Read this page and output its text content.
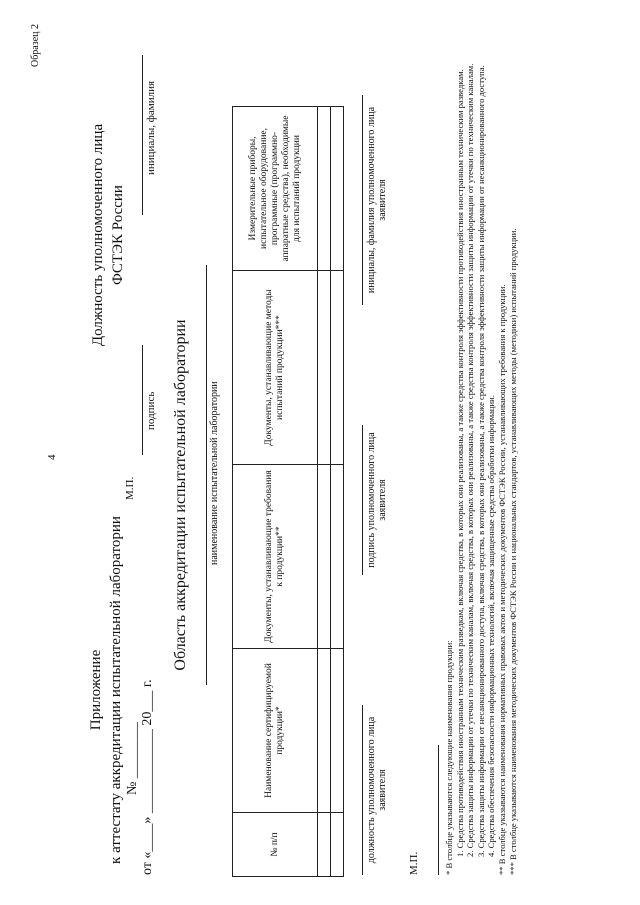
4
Образец 2
Приложение к аттестату аккредитации испытательной лаборатории № ________ от «____» ____________ 20___ г.
Должность уполномоченного лица ФСТЭК России
М.П.
подпись
инициалы, фамилия
Область аккредитации испытательной лаборатории наименование испытательной лаборатории
№ п/п	Наименование сертифицируемой продукции*	Документы, устанавливающие требования к продукции**	Документы, устанавливающие методы испытаний продукции***	Измерительные приборы, испытательное оборудование, программные (программно-аппаратные средства), необходимые для испытаний продукции

должность уполномоченного лица заявителя
подпись уполномоченного лица заявителя
инициалы, фамилия уполномоченного лица заявителя
М.П.	* В столбце указываются следующие наименования продукции: 1. Средства противодействия иностранным техническим разведкам, включая средства, в которых они реализованы, а также средства контроля эффективности противодействия иностранным техническим разведкам. 2. Средства защиты информации от утечки по техническим каналам, включая средства, в которых они реализованы, а также средства контроля эффективности защиты информации от утечки по техническим каналам. 3. Средства защиты информации от несанкционированного доступа, включая средства, в которых они реализованы, а также средства контроля эффективности защиты информации от несанкционированного доступа. 4. Средства обеспечения безопасности информационных технологий, включая защищенные средства обработки информации. ** В столбце указываются наименования нормативных правовых актов и методических документов ФСТЭК России, устанавливающих требования к продукции. *** В столбце указываются наименования методических документов ФСТЭК России и национальных стандартов, устанавливающих методы (методики) испытаний продукции.
